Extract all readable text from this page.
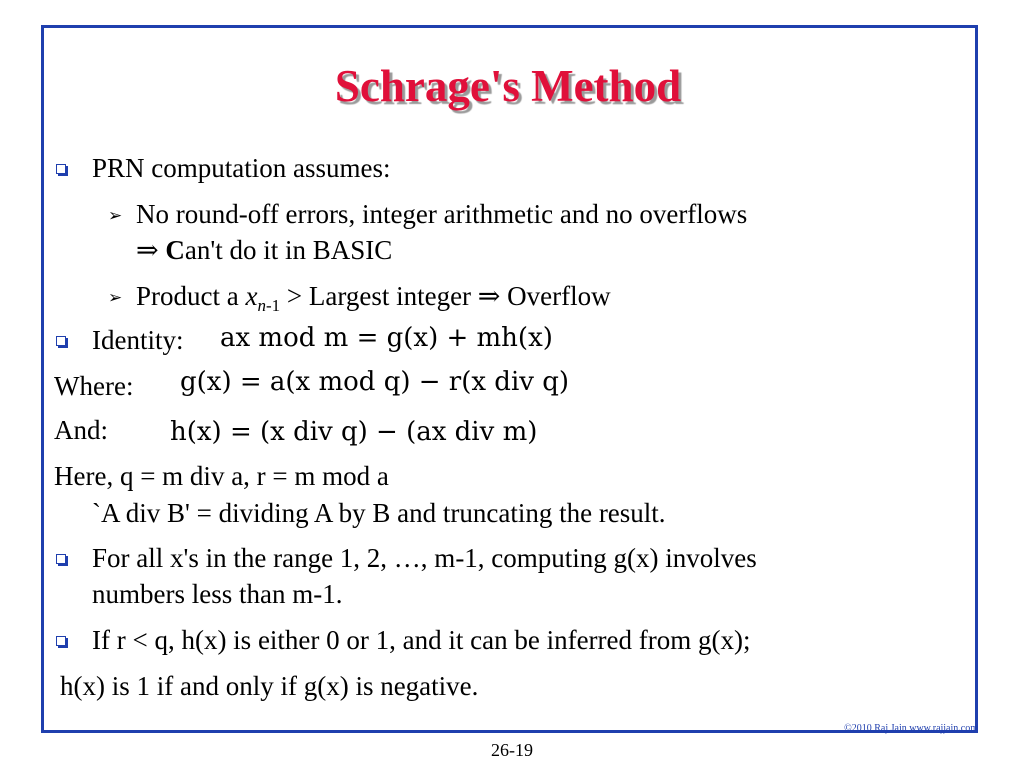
Schrage's Method
PRN computation assumes:
➢ No round-off errors, integer arithmetic and no overflows
⇒ Can't do it in BASIC
➢ Product a $x_{n-1}$ > Largest integer ⇒ Overflow
Identity: ax mod m = g(x) + mh(x)
Where: g(x) = a(x mod q) − r(x div q)
And: h(x) = (x div q) − (ax div m)
Here, q = m div a, r = m mod a
`A div B' = dividing A by B and truncating the result.
For all x's in the range 1, 2, …, m-1, computing g(x) involves
numbers less than m-1.
If r < q, h(x) is either 0 or 1, and it can be inferred from g(x);
h(x) is 1 if and only if g(x) is negative.
©2010 Raj Jain www.rajjain.com
26-19
